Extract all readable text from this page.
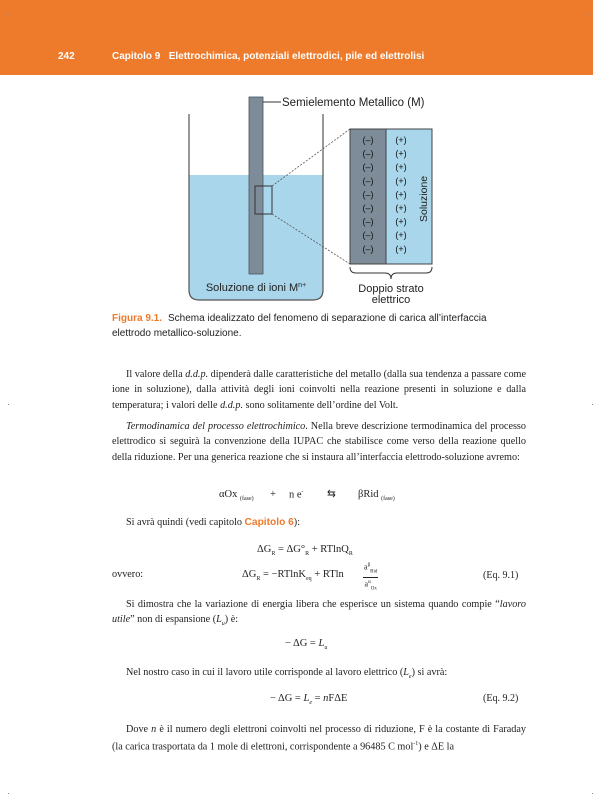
242	Capitolo 9 Elettrochimica, potenziali elettrodici, pile ed elettrolisi
Semielemento Metallico (M)
Soluzione di ioni $M^{n+}$
(–) (+)
(–) (+)
(–) (+)
(–) (+)
(–) (+)
(–) (+)
(–) (+)
(–) (+)
(–) (+)
Soluzione
Doppio strato
elettrico
Figura 9.1. Schema idealizzato del fenomeno di separazione di carica all’interfaccia elettrodo metallico-soluzione.
Il valore della d.d.p. dipenderà dalle caratteristiche del metallo (dalla sua tendenza a passare come ione in soluzione), dalla attività degli ioni coinvolti nella reazione presenti in soluzione e dalla temperatura; i valori delle d.d.p. sono solitamente dell’ordine del Volt.
Termodinamica del processo elettrochimico. Nella breve descrizione termodinamica del processo elettrodico si seguirà la convenzione della IUPAC che stabilisce come verso della reazione quello della riduzione. Per una generica reazione che si instaura all’interfaccia elettrodo-soluzione avremo:
αOx $_{(fase)}$ + n e- ⇆ βRid $_{(fase)}$
Si avrà quindi (vedi capitolo Capitolo 6):
$\Delta G_R = \Delta G^\circ_R + RTlnQ_R$
ovvero:	$\Delta G_R = -RTlnK_{eq} + RTln$
$a^\beta_{Rid}$
$a^\alpha_{Ox}$
(Eq. 9.1)
Si dimostra che la variazione di energia libera che esperisce un sistema quando compie “lavoro utile” non di espansione $(L_u)$ è:
− $\Delta G = L_u$
Nel nostro caso in cui il lavoro utile corrisponde al lavoro elettrico $(L_e)$ si avrà:
− $\Delta G = L_e = nF\Delta E$	(Eq. 9.2)
Dove n è il numero degli elettroni coinvolti nel processo di riduzione, F è la costante di Faraday (la carica trasportata da 1 mole di elettroni, corrispondente a 96485 C mol$^{-1}$) e ΔE la
